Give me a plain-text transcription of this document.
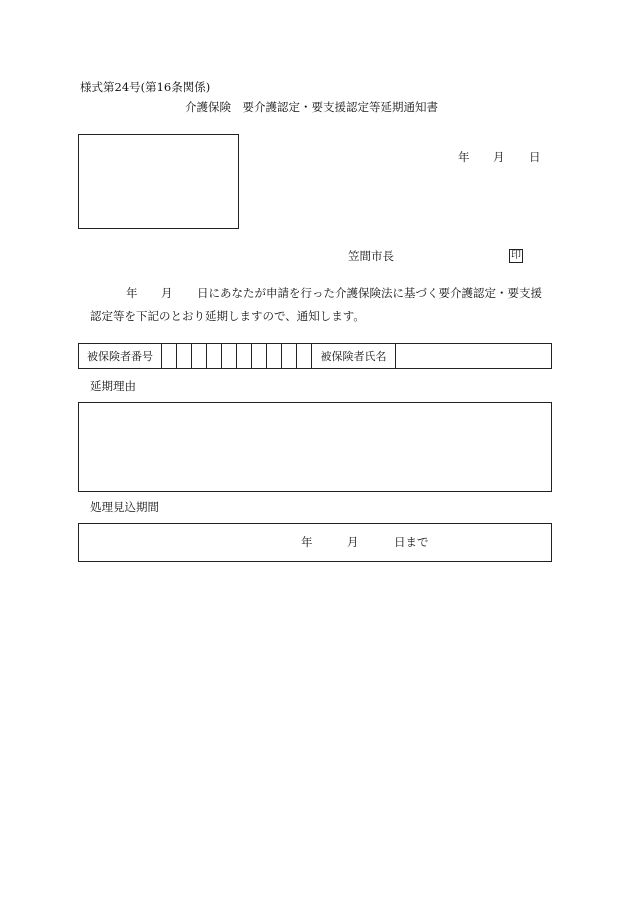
様式第24号(第16条関係)
介護保険　要介護認定・要支援認定等延期通知書
年 月 日
笠間市長	印
年 月 日にあなたが申請を行った介護保険法に基づく要介護認定・要支援
認定等を下記のとおり延期しますので、通知します。
被保険者番号											被保険者氏名	
延期理由
処理見込期間
年	月	日まで
